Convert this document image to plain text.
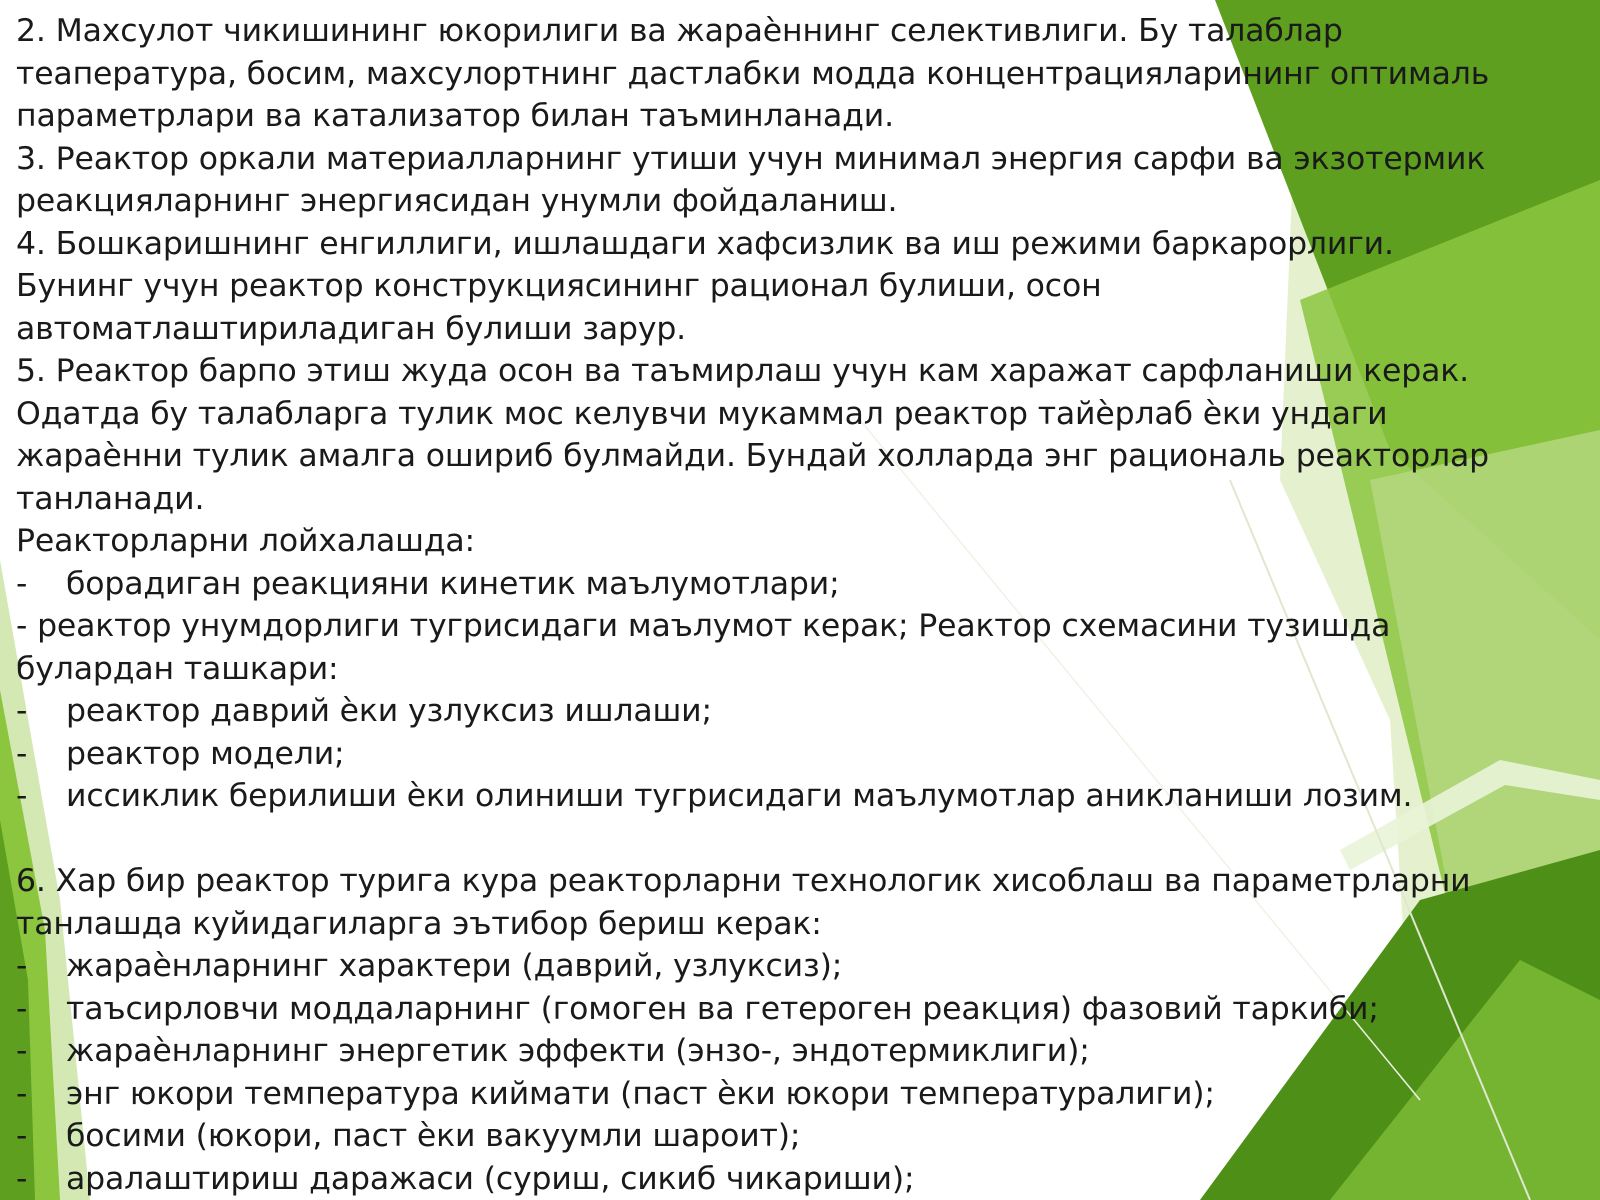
2. Махсулот чикишининг юкорилиги ва жараѐннинг селективлиги. Бу талаблар
теапература, босим, махсулортнинг дастлабки модда концентрацияларининг оптималь
параметрлари ва катализатор билан таъминланади.
3. Реактор оркали материалларнинг утиши учун минимал энергия сарфи ва экзотермик
реакцияларнинг энергиясидан унумли фойдаланиш.
4. Бошкаришнинг енгиллиги, ишлашдаги хафсизлик ва иш режими баркарорлиги.
Бунинг учун реактор конструкциясининг рационал булиши, осон
автоматлаштириладиган булиши зарур.
5. Реактор барпо этиш жуда осон ва таъмирлаш учун кам харажат сарфланиши керак.
Одатда бу талабларга тулик мос келувчи мукаммал реактор тайѐрлаб ѐки ундаги
жараѐнни тулик амалга ошириб булмайди. Бундай холларда энг рациональ реакторлар
танланади.
Реакторларни лойхалашда:
-	борадиган реакцияни кинетик маълумотлари;
- реактор унумдорлиги тугрисидаги маълумот керак; Реактор схемасини тузишда
булардан ташкари:
-	реактор даврий ѐки узлуксиз ишлаши;
-	реактор модели;
-	иссиклик берилиши ѐки олиниши тугрисидаги маълумотлар аникланиши лозим.
6. Хар бир реактор турига кура реакторларни технологик хисоблаш ва параметрларни
танлашда куйидагиларга эътибор бериш керак:
-	жараѐнларнинг характери (даврий, узлуксиз);
-	таъсирловчи моддаларнинг (гомоген ва гетероген реакция) фазовий таркиби;
-	жараѐнларнинг энергетик эффекти (энзо-, эндотермиклиги);
-	энг юкори температура киймати (паст ѐки юкори температуралиги);
-	босими (юкори, паст ѐки вакуумли шароит);
-	аралаштириш даражаси (суриш, сикиб чикариши);
